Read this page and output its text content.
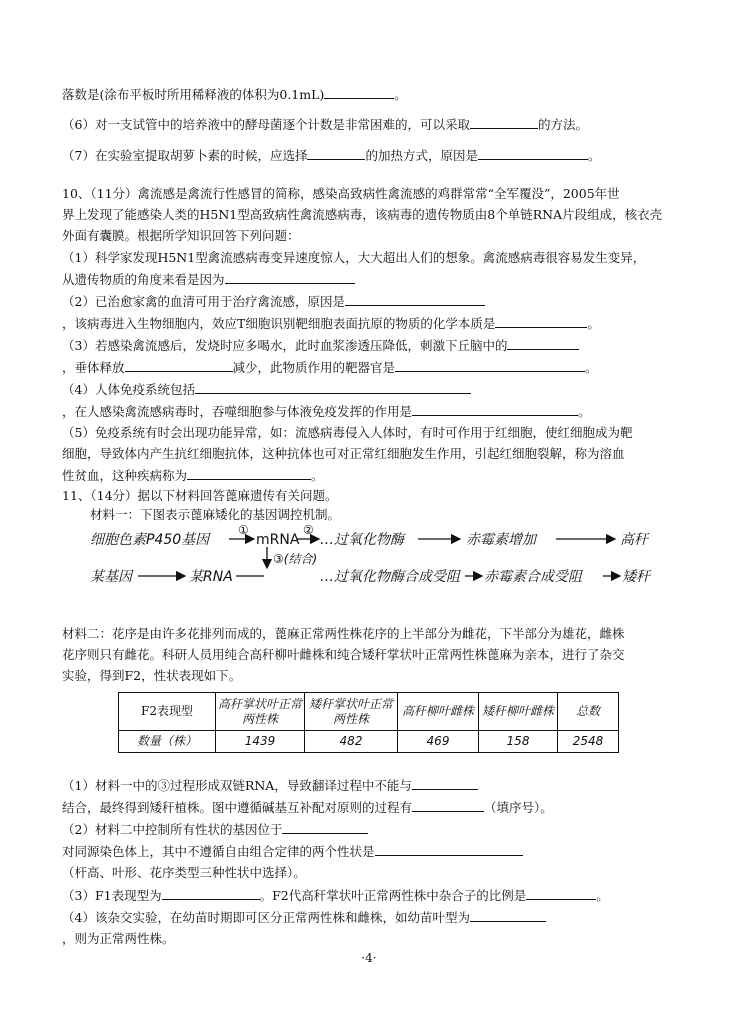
落数是(涂布平板时所用稀释液的体积为0.1mL)	。
（6）对一支试管中的培养液中的酵母菌逐个计数是非常困难的，可以采取	的方法。
（7）在实验室提取胡萝卜素的时候，应选择	的加热方式，原因是	。
10、（11分）禽流感是禽流行性感冒的简称，感染高致病性禽流感的鸡群常常“全军覆没”，2005年世
界上发现了能感染人类的H5N1型高致病性禽流感病毒，该病毒的遗传物质由8个单链RNA片段组成，核衣壳
外面有囊膜。根据所学知识回答下列问题：
（1）科学家发现H5N1型禽流感病毒变异速度惊人，大大超出人们的想象。禽流感病毒很容易发生变异，
从遗传物质的角度来看是因为
（2）已治愈家禽的血清可用于治疗禽流感，原因是
，该病毒进入生物细胞内，效应T细胞识别靶细胞表面抗原的物质的化学本质是	。
（3）若感染禽流感后，发烧时应多喝水，此时血浆渗透压降低，刺激下丘脑中的
，垂体释放	减少，此物质作用的靶器官是	。
（4）人体免疫系统包括
，在人感染禽流感病毒时，吞噬细胞参与体液免疫发挥的作用是	。
（5）免疫系统有时会出现功能异常，如：流感病毒侵入人体时，有时可作用于红细胞，使红细胞成为靶
细胞，导致体内产生抗红细胞抗体，这种抗体也可对正常红细胞发生作用，引起红细胞裂解，称为溶血
性贫血，这种疾病称为	。
11、（14分）据以下材料回答蓖麻遗传有关问题。
材料一：下图表示蓖麻矮化的基因调控机制。
细胞色素P450基因
①
mRNA
②
…过氧化物酶	赤霉素增加	高秆
③(结合)
某基因	某RNA	…过氧化物酶合成受阻 赤霉素合成受阻	矮秆
材料二：花序是由许多花排列而成的，蓖麻正常两性株花序的上半部分为雌花，下半部分为雄花，雌株
花序则只有雌花。科研人员用纯合高秆柳叶雌株和纯合矮秆掌状叶正常两性株蓖麻为亲本，进行了杂交
实验，得到F2，性状表现如下。
F2表现型	高秆掌状叶正常两性株	矮秆掌状叶正常两性株	高秆柳叶雌株	矮秆柳叶雌株	总数
数量（株）	1439	482	469	158	2548
（1）材料一中的③过程形成双链RNA，导致翻译过程中不能与
结合，最终得到矮秆植株。图中遵循碱基互补配对原则的过程有	（填序号）。
（2）材料二中控制所有性状的基因位于
对同源染色体上，其中不遵循自由组合定律的两个性状是
（杆高、叶形、花序类型三种性状中选择）。
（3）F1表现型为	。F2代高秆掌状叶正常两性株中杂合子的比例是	。
（4）该杂交实验，在幼苗时期即可区分正常两性株和雌株，如幼苗叶型为
，则为正常两性株。
·4·
